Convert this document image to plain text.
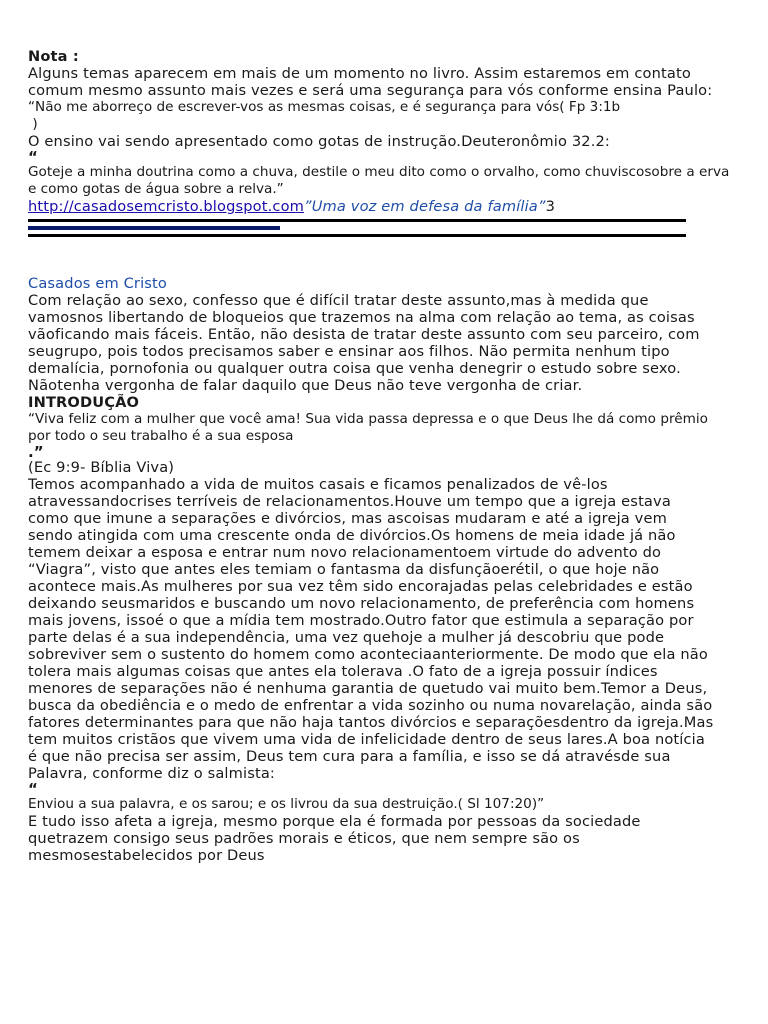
Nota :
Alguns temas aparecem em mais de um momento no livro. Assim estaremos em contato
comum mesmo assunto mais vezes e será uma segurança para vós conforme ensina Paulo:
“Não me aborreço de escrever-vos as mesmas coisas, e é segurança para vós( Fp 3:1b
)
O ensino vai sendo apresentado como gotas de instrução.Deuteronômio 32.2:
“
Goteje a minha doutrina como a chuva, destile o meu dito como o orvalho, como chuviscosobre a erva
e como gotas de água sobre a relva.”
http://casadosemcristo.blogspot.com”Uma voz em defesa da família”3
Casados em Cristo
Com relação ao sexo, confesso que é difícil tratar deste assunto,mas à medida que
vamosnos libertando de bloqueios que trazemos na alma com relação ao tema, as coisas
vãoficando mais fáceis. Então, não desista de tratar deste assunto com seu parceiro, com
seugrupo, pois todos precisamos saber e ensinar aos filhos. Não permita nenhum tipo
demalícia, pornofonia ou qualquer outra coisa que venha denegrir o estudo sobre sexo.
Nãotenha vergonha de falar daquilo que Deus não teve vergonha de criar.
INTRODUÇÃO
“Viva feliz com a mulher que você ama! Sua vida passa depressa e o que Deus lhe dá como prêmio
por todo o seu trabalho é a sua esposa
.”
(Ec 9:9- Bíblia Viva)
Temos acompanhado a vida de muitos casais e ficamos penalizados de vê-los
atravessandocrises terríveis de relacionamentos.Houve um tempo que a igreja estava
como que imune a separações e divórcios, mas ascoisas mudaram e até a igreja vem
sendo atingida com uma crescente onda de divórcios.Os homens de meia idade já não
temem deixar a esposa e entrar num novo relacionamentoem virtude do advento do
“Viagra”, visto que antes eles temiam o fantasma da disfunçãoerétil, o que hoje não
acontece mais.As mulheres por sua vez têm sido encorajadas pelas celebridades e estão
deixando seusmaridos e buscando um novo relacionamento, de preferência com homens
mais jovens, issoé o que a mídia tem mostrado.Outro fator que estimula a separação por
parte delas é a sua independência, uma vez quehoje a mulher já descobriu que pode
sobreviver sem o sustento do homem como aconteciaanteriormente. De modo que ela não
tolera mais algumas coisas que antes ela tolerava .O fato de a igreja possuir índices
menores de separações não é nenhuma garantia de quetudo vai muito bem.Temor a Deus,
busca da obediência e o medo de enfrentar a vida sozinho ou numa novarelação, ainda são
fatores determinantes para que não haja tantos divórcios e separaçõesdentro da igreja.Mas
tem muitos cristãos que vivem uma vida de infelicidade dentro de seus lares.A boa notícia
é que não precisa ser assim, Deus tem cura para a família, e isso se dá atravésde sua
Palavra, conforme diz o salmista:
“
Enviou a sua palavra, e os sarou; e os livrou da sua destruição.( Sl 107:20)”
E tudo isso afeta a igreja, mesmo porque ela é formada por pessoas da sociedade
quetrazem consigo seus padrões morais e éticos, que nem sempre são os
mesmosestabelecidos por Deus
